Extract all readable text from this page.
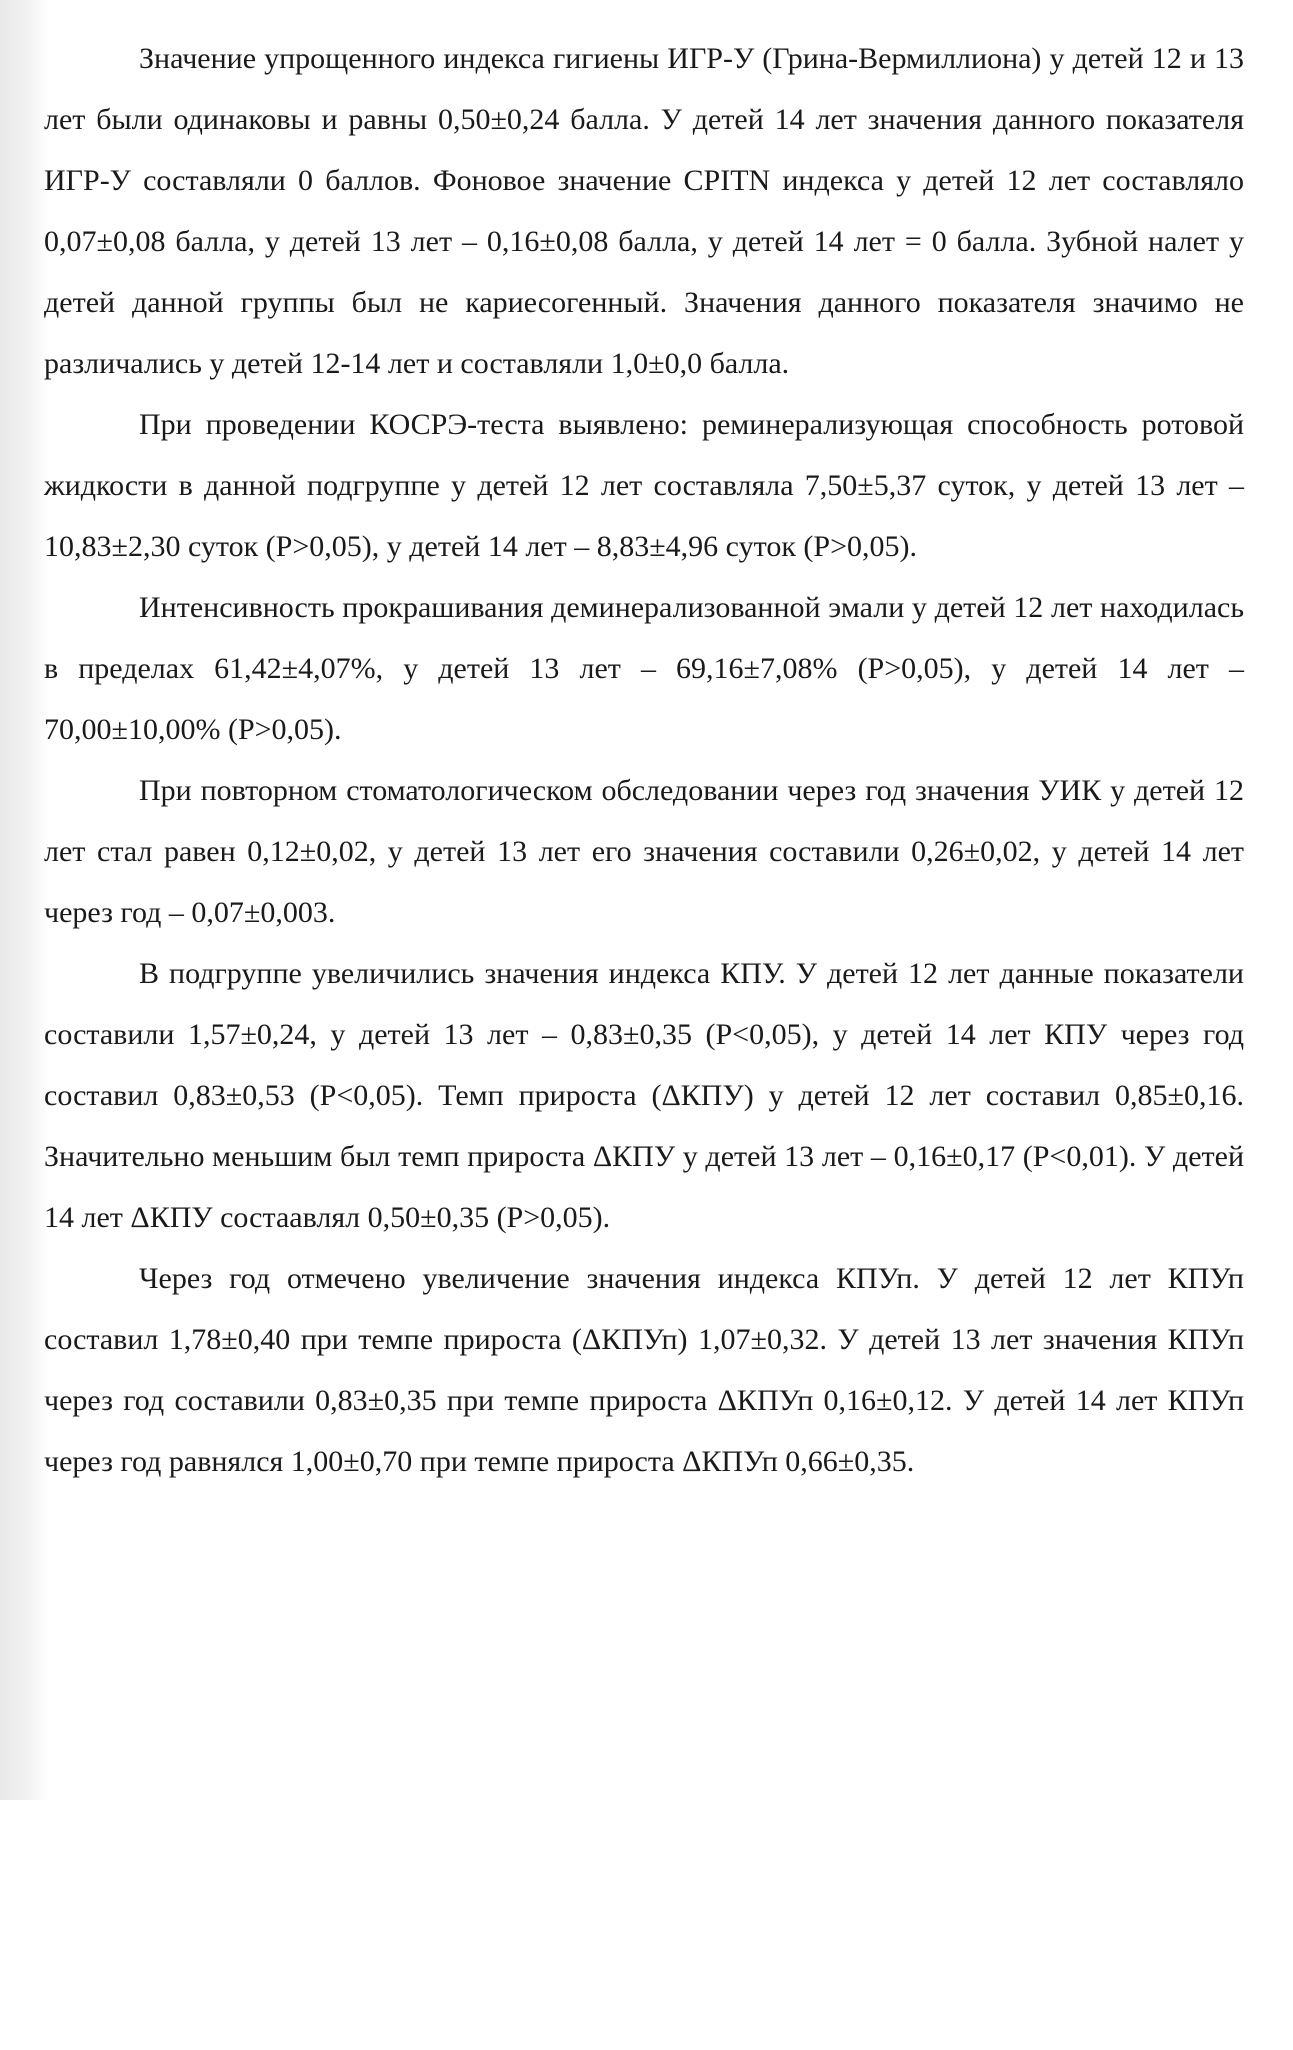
Значение упрощенного индекса гигиены ИГР-У (Грина-Вермиллиона) у детей 12 и 13 лет были одинаковы и равны 0,50±0,24 балла. У детей 14 лет значения данного показателя ИГР-У составляли 0 баллов. Фоновое значение CPITN индекса у детей 12 лет составляло 0,07±0,08 балла, у детей 13 лет – 0,16±0,08 балла, у детей 14 лет = 0 балла. Зубной налет у детей данной группы был не кариесогенный. Значения данного показателя значимо не различались у детей 12-14 лет и составляли 1,0±0,0 балла.

При проведении КОСРЭ-теста выявлено: реминерализующая способность ротовой жидкости в данной подгруппе у детей 12 лет составляла 7,50±5,37 суток, у детей 13 лет – 10,83±2,30 суток (P>0,05), у детей 14 лет – 8,83±4,96 суток (P>0,05).

Интенсивность прокрашивания деминерализованной эмали у детей 12 лет находилась в пределах 61,42±4,07%, у детей 13 лет – 69,16±7,08% (P>0,05), у детей 14 лет – 70,00±10,00% (P>0,05).

При повторном стоматологическом обследовании через год значения УИК у детей 12 лет стал равен 0,12±0,02, у детей 13 лет его значения составили 0,26±0,02, у детей 14 лет через год – 0,07±0,003.

В подгруппе увеличились значения индекса КПУ. У детей 12 лет данные показатели составили 1,57±0,24, у детей 13 лет – 0,83±0,35 (P<0,05), у детей 14 лет КПУ через год составил 0,83±0,53 (P<0,05). Темп прироста (ΔКПУ) у детей 12 лет составил 0,85±0,16. Значительно меньшим был темп прироста ΔКПУ у детей 13 лет – 0,16±0,17 (P<0,01). У детей 14 лет ΔКПУ состаавлял 0,50±0,35 (P>0,05).

Через год отмечено увеличение значения индекса КПУп. У детей 12 лет КПУп составил 1,78±0,40 при темпе прироста (ΔКПУп) 1,07±0,32. У детей 13 лет значения КПУп через год составили 0,83±0,35 при темпе прироста ΔКПУп 0,16±0,12. У детей 14 лет КПУп через год равнялся 1,00±0,70 при темпе прироста ΔКПУп 0,66±0,35.
